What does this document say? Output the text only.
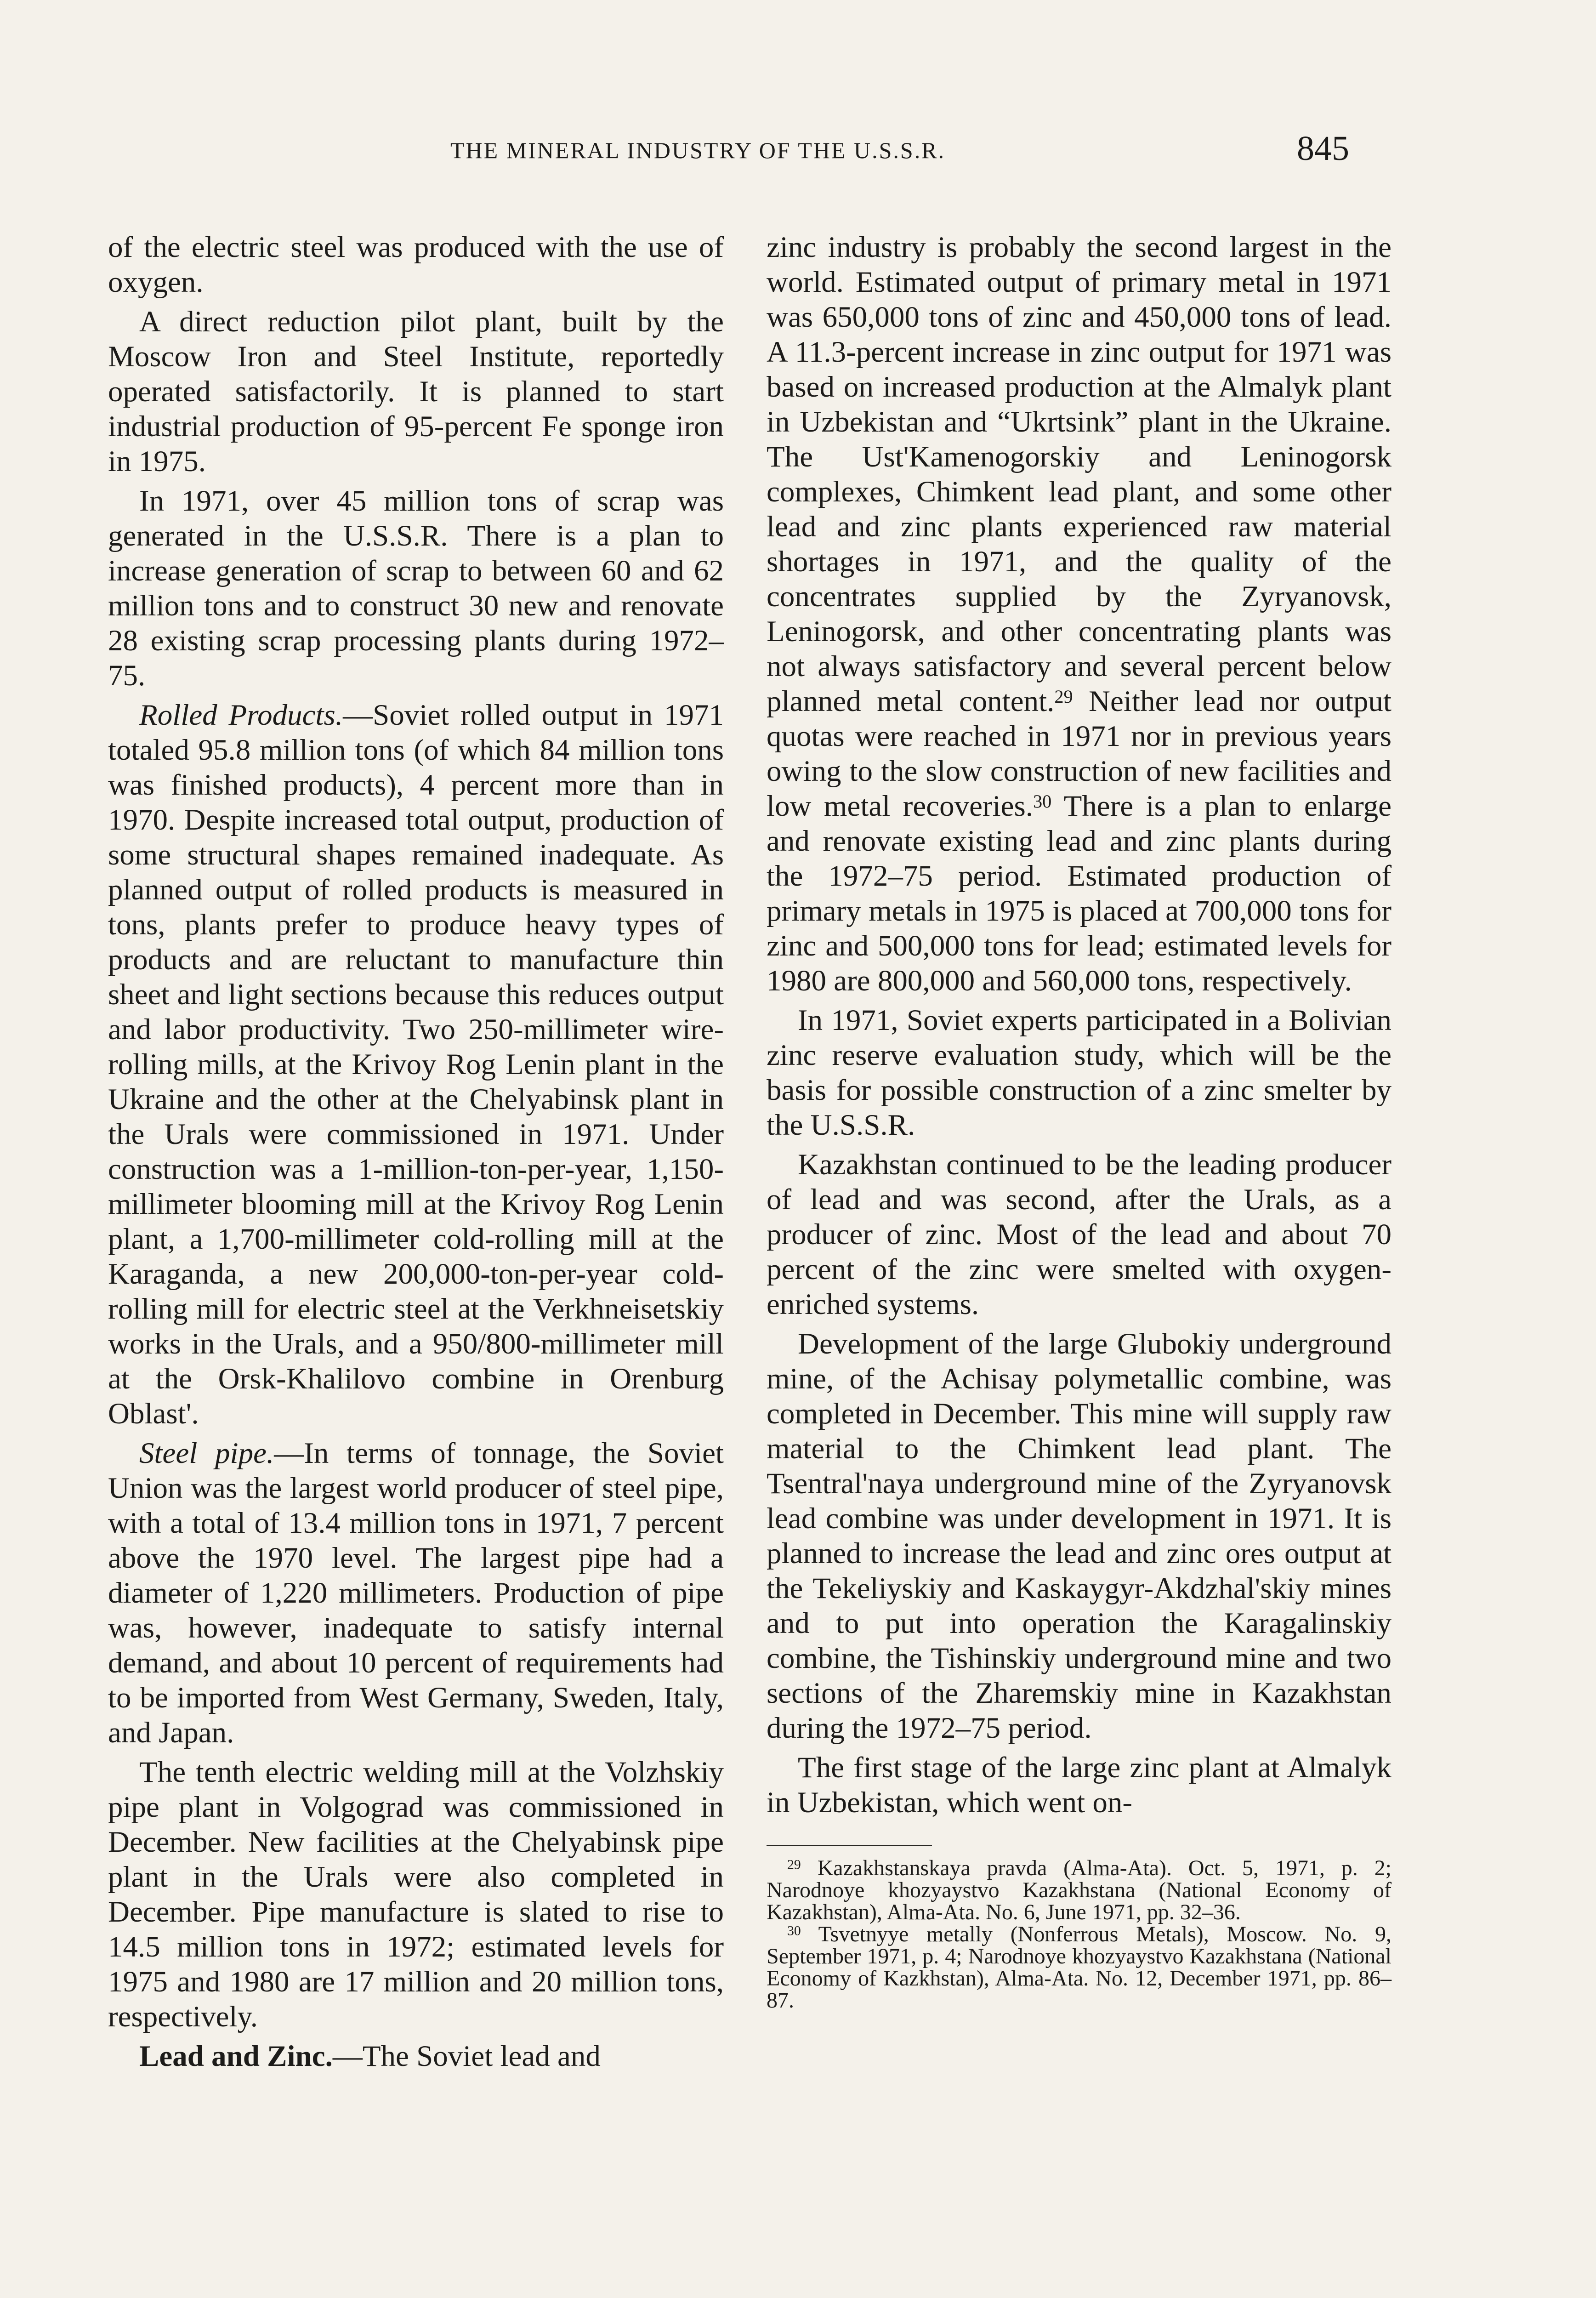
THE MINERAL INDUSTRY OF THE U.S.S.R.	845

of the electric steel was produced with the use of oxygen.

A direct reduction pilot plant, built by the Moscow Iron and Steel Institute, reportedly operated satisfactorily. It is planned to start industrial production of 95-percent Fe sponge iron in 1975.

In 1971, over 45 million tons of scrap was generated in the U.S.S.R. There is a plan to increase generation of scrap to between 60 and 62 million tons and to construct 30 new and renovate 28 existing scrap processing plants during 1972–75.

Rolled Products.—Soviet rolled output in 1971 totaled 95.8 million tons (of which 84 million tons was finished products), 4 percent more than in 1970. Despite increased total output, production of some structural shapes remained inadequate. As planned output of rolled products is measured in tons, plants prefer to produce heavy types of products and are reluctant to manufacture thin sheet and light sections because this reduces output and labor productivity. Two 250-millimeter wire-rolling mills, at the Krivoy Rog Lenin plant in the Ukraine and the other at the Chelyabinsk plant in the Urals were commissioned in 1971. Under construction was a 1-million-ton-per-year, 1,150-millimeter blooming mill at the Krivoy Rog Lenin plant, a 1,700-millimeter cold-rolling mill at the Karaganda, a new 200,000-ton-per-year cold-rolling mill for electric steel at the Verkhneisetskiy works in the Urals, and a 950/800-millimeter mill at the Orsk-Khalilovo combine in Orenburg Oblast'.

Steel pipe.—In terms of tonnage, the Soviet Union was the largest world producer of steel pipe, with a total of 13.4 million tons in 1971, 7 percent above the 1970 level. The largest pipe had a diameter of 1,220 millimeters. Production of pipe was, however, inadequate to satisfy internal demand, and about 10 percent of requirements had to be imported from West Germany, Sweden, Italy, and Japan.

The tenth electric welding mill at the Volzhskiy pipe plant in Volgograd was commissioned in December. New facilities at the Chelyabinsk pipe plant in the Urals were also completed in December. Pipe manufacture is slated to rise to 14.5 million tons in 1972; estimated levels for 1975 and 1980 are 17 million and 20 million tons, respectively.

Lead and Zinc.—The Soviet lead and

zinc industry is probably the second largest in the world. Estimated output of primary metal in 1971 was 650,000 tons of zinc and 450,000 tons of lead. A 11.3-percent increase in zinc output for 1971 was based on increased production at the Almalyk plant in Uzbekistan and “Ukrtsink” plant in the Ukraine. The Ust'Kamenogorskiy and Leninogorsk complexes, Chimkent lead plant, and some other lead and zinc plants experienced raw material shortages in 1971, and the quality of the concentrates supplied by the Zyryanovsk, Leninogorsk, and other concentrating plants was not always satisfactory and several percent below planned metal content.$^{29}$ Neither lead nor output quotas were reached in 1971 nor in previous years owing to the slow construction of new facilities and low metal recoveries.$^{30}$ There is a plan to enlarge and renovate existing lead and zinc plants during the 1972–75 period. Estimated production of primary metals in 1975 is placed at 700,000 tons for zinc and 500,000 tons for lead; estimated levels for 1980 are 800,000 and 560,000 tons, respectively.

In 1971, Soviet experts participated in a Bolivian zinc reserve evaluation study, which will be the basis for possible construction of a zinc smelter by the U.S.S.R.

Kazakhstan continued to be the leading producer of lead and was second, after the Urals, as a producer of zinc. Most of the lead and about 70 percent of the zinc were smelted with oxygen-enriched systems.

Development of the large Glubokiy underground mine, of the Achisay polymetallic combine, was completed in December. This mine will supply raw material to the Chimkent lead plant. The Tsentral'naya underground mine of the Zyryanovsk lead combine was under development in 1971. It is planned to increase the lead and zinc ores output at the Tekeliyskiy and Kaskaygyr-Akdzhal'skiy mines and to put into operation the Karagalinskiy combine, the Tishinskiy underground mine and two sections of the Zharemskiy mine in Kazakhstan during the 1972–75 period.

The first stage of the large zinc plant at Almalyk in Uzbekistan, which went on-

$^{29}$ Kazakhstanskaya pravda (Alma-Ata). Oct. 5, 1971, p. 2; Narodnoye khozyaystvo Kazakhstana (National Economy of Kazakhstan), Alma-Ata. No. 6, June 1971, pp. 32–36.

$^{30}$ Tsvetnyye metally (Nonferrous Metals), Moscow. No. 9, September 1971, p. 4; Narodnoye khozyaystvo Kazakhstana (National Economy of Kazkhstan), Alma-Ata. No. 12, December 1971, pp. 86–87.
